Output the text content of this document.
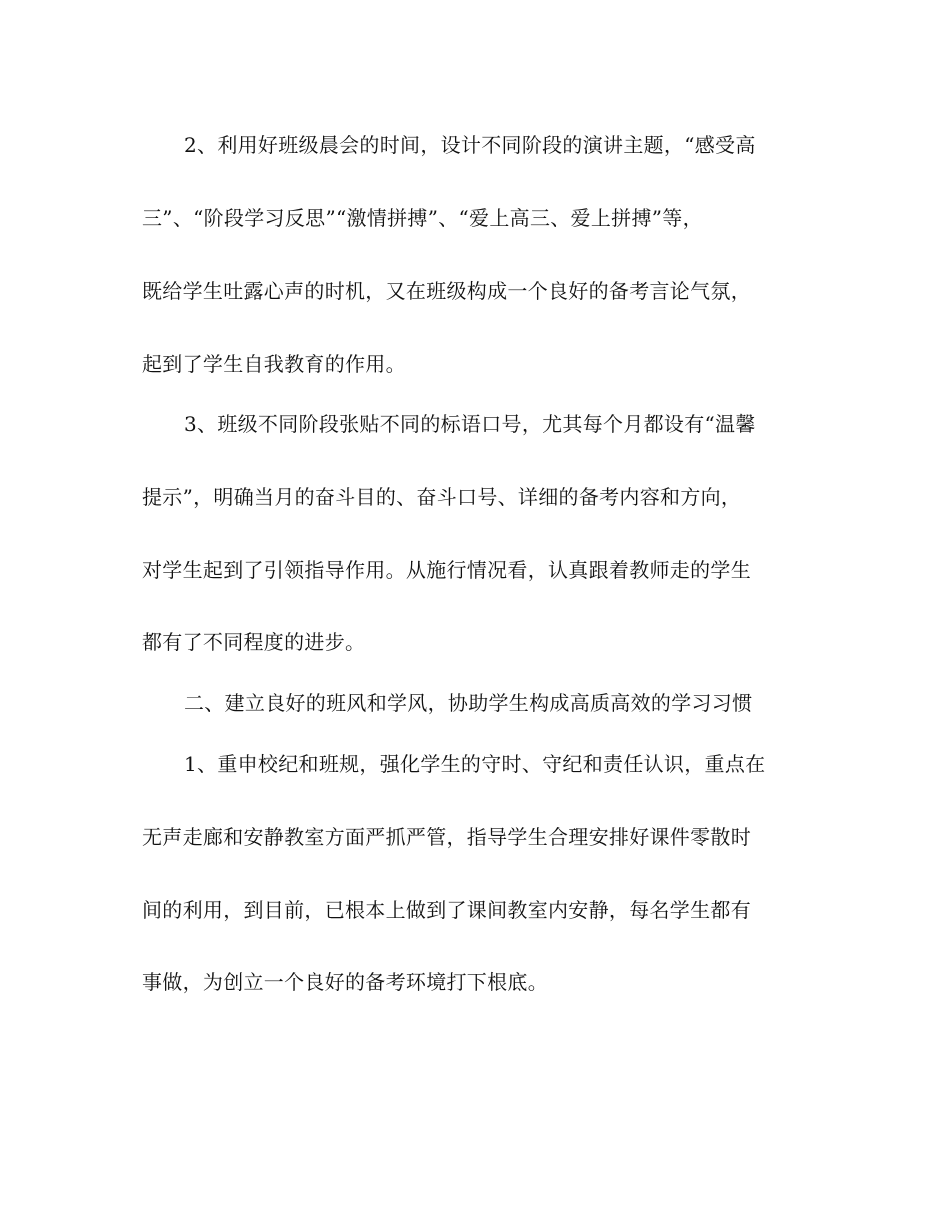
2、利用好班级晨会的时间，设计不同阶段的演讲主题，“感受高
三”、“阶段学习反思”“激情拼搏”、“爱上高三、爱上拼搏”等，
既给学生吐露心声的时机，又在班级构成一个良好的备考言论气氛，
起到了学生自我教育的作用。
3、班级不同阶段张贴不同的标语口号，尤其每个月都设有“温馨
提示”，明确当月的奋斗目的、奋斗口号、详细的备考内容和方向，
对学生起到了引领指导作用。从施行情况看，认真跟着教师走的学生
都有了不同程度的进步。
二、建立良好的班风和学风，协助学生构成高质高效的学习习惯
1、重申校纪和班规，强化学生的守时、守纪和责任认识，重点在
无声走廊和安静教室方面严抓严管，指导学生合理安排好课件零散时
间的利用，到目前，已根本上做到了课间教室内安静，每名学生都有
事做，为创立一个良好的备考环境打下根底。
